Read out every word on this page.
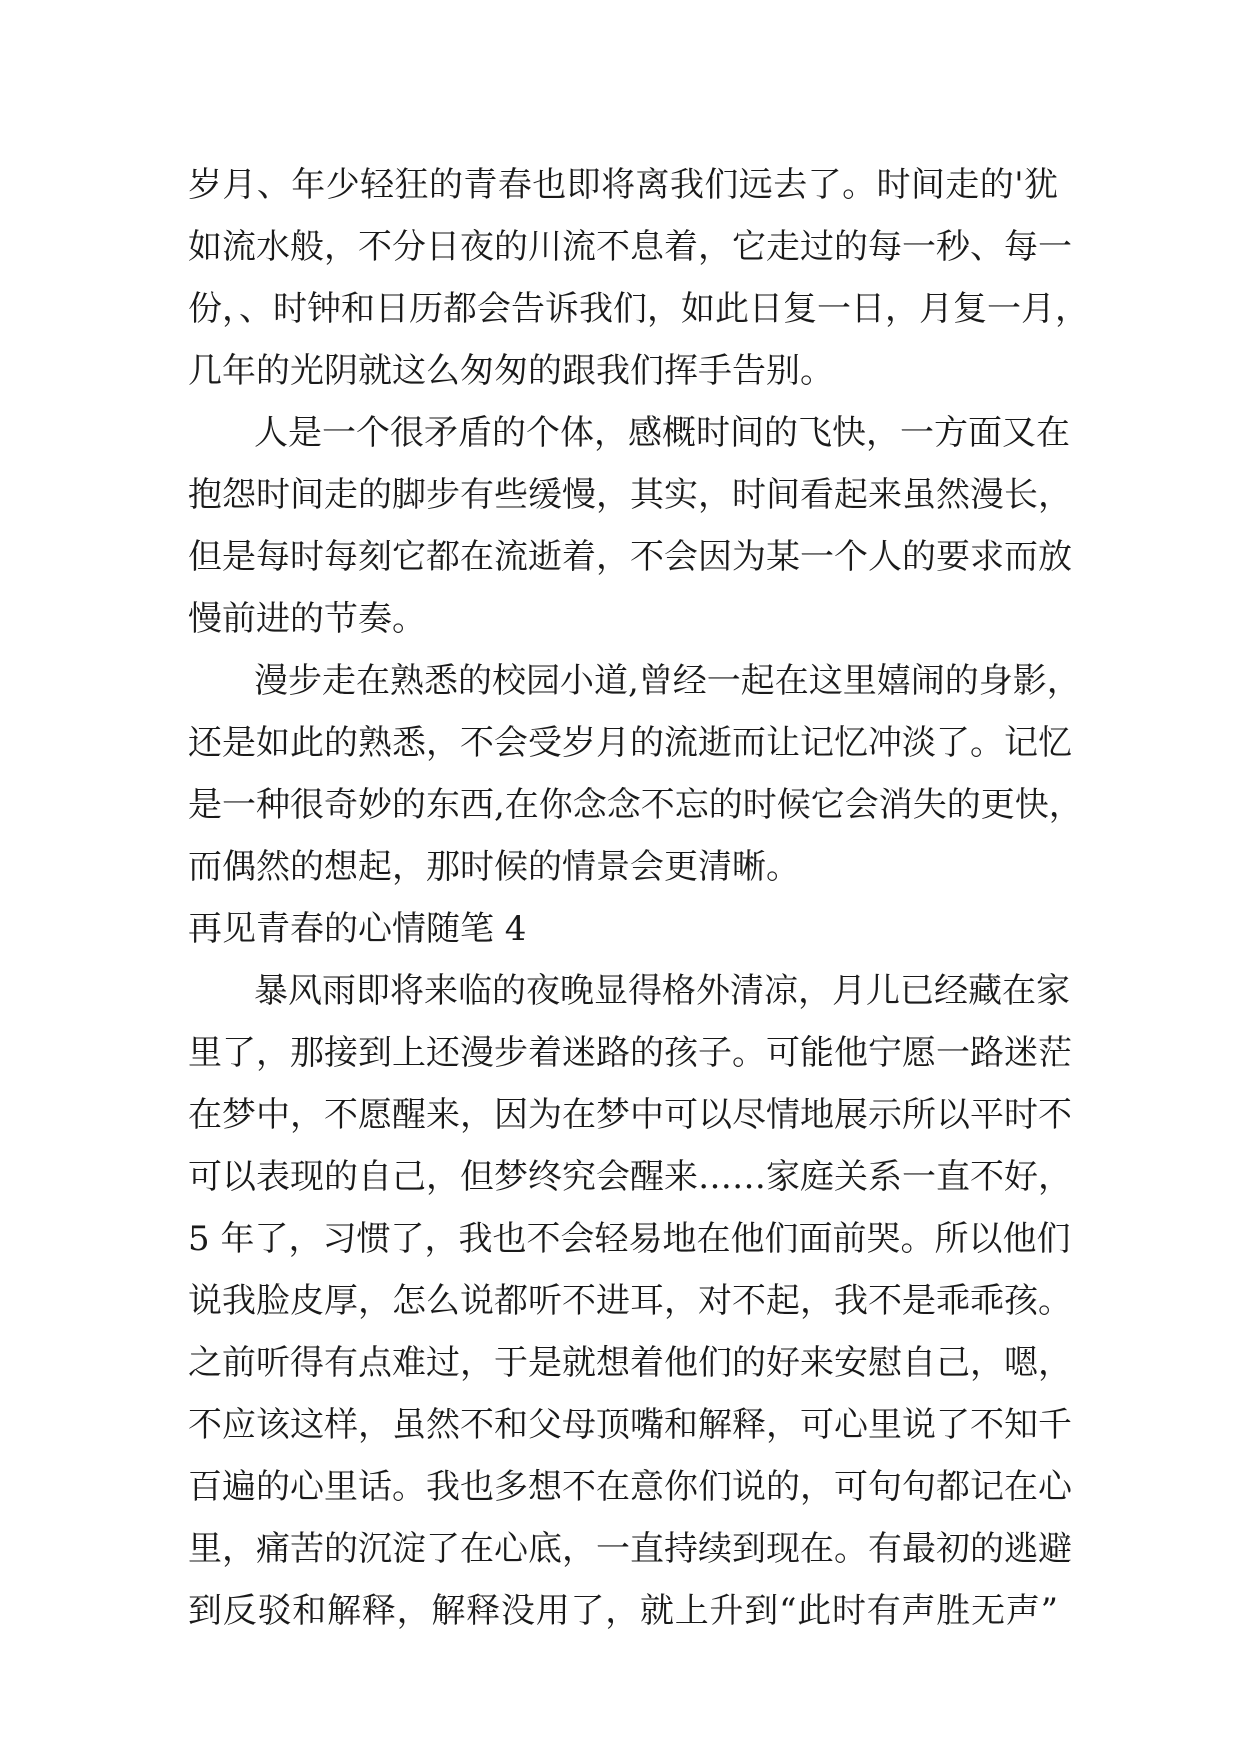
岁月、年少轻狂的青春也即将离我们远去了。时间走的'犹
如流水般，不分日夜的川流不息着，它走过的每一秒、每一
份，、时钟和日历都会告诉我们，如此日复一日，月复一月，
几年的光阴就这么匆匆的跟我们挥手告别。
人是一个很矛盾的个体，感概时间的飞快，一方面又在
抱怨时间走的脚步有些缓慢，其实，时间看起来虽然漫长，
但是每时每刻它都在流逝着，不会因为某一个人的要求而放
慢前进的节奏。
漫步走在熟悉的校园小道,曾经一起在这里嬉闹的身影，
还是如此的熟悉，不会受岁月的流逝而让记忆冲淡了。记忆
是一种很奇妙的东西,在你念念不忘的时候它会消失的更快，
而偶然的想起，那时候的情景会更清晰。
再见青春的心情随笔 4
暴风雨即将来临的夜晚显得格外清凉，月儿已经藏在家
里了，那接到上还漫步着迷路的孩子。可能他宁愿一路迷茫
在梦中，不愿醒来，因为在梦中可以尽情地展示所以平时不
可以表现的自己，但梦终究会醒来……家庭关系一直不好，
5 年了，习惯了，我也不会轻易地在他们面前哭。所以他们
说我脸皮厚，怎么说都听不进耳，对不起，我不是乖乖孩。
之前听得有点难过，于是就想着他们的好来安慰自己，嗯，
不应该这样，虽然不和父母顶嘴和解释，可心里说了不知千
百遍的心里话。我也多想不在意你们说的，可句句都记在心
里，痛苦的沉淀了在心底，一直持续到现在。有最初的逃避
到反驳和解释，解释没用了，就上升到“此时有声胜无声”
